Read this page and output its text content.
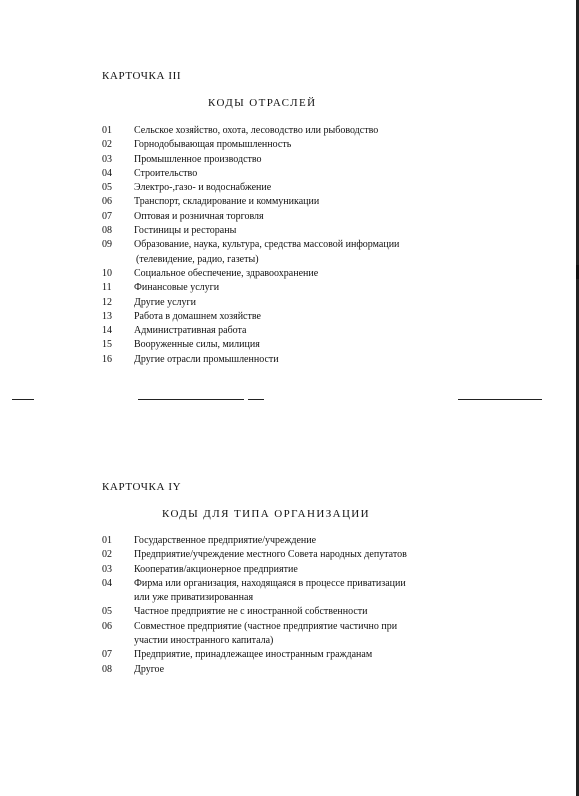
КАРТОЧКА III
КОДЫ ОТРАСЛЕЙ
01	Сельское хозяйство, охота, лесоводство или рыбоводство
02	Горнодобывающая промышленность
03	Промышленное производство
04	Строительство
05	Электро-,газо- и водоснабжение
06	Транспорт, складирование и коммуникации
07	Оптовая и розничная торговля
08	Гостиницы и рестораны
09	Образование, наука, культура, средства массовой информации
(телевидение, радио, газеты)
10	Социальное обеспечение, здравоохранение
11	Финансовые услуги
12	Другие услуги
13	Работа в домашнем хозяйстве
14	Административная работа
15	Вооруженные силы, милиция
16	Другие отрасли промышленности
КАРТОЧКА IY
КОДЫ ДЛЯ ТИПА ОРГАНИЗАЦИИ
01	Государственное предприятие/учреждение
02	Предприятие/учреждение местного Совета народных депутатов
03	Кооператив/акционерное предприятие
04	Фирма или организация, находящаяся в процессе приватизации
или уже приватизированная
05	Частное предприятие не с иностранной собственности
06	Совместное предприятие (частное предприятие частично при
участии иностранного капитала)
07	Предприятие, принадлежащее иностранным гражданам
08	Другое
